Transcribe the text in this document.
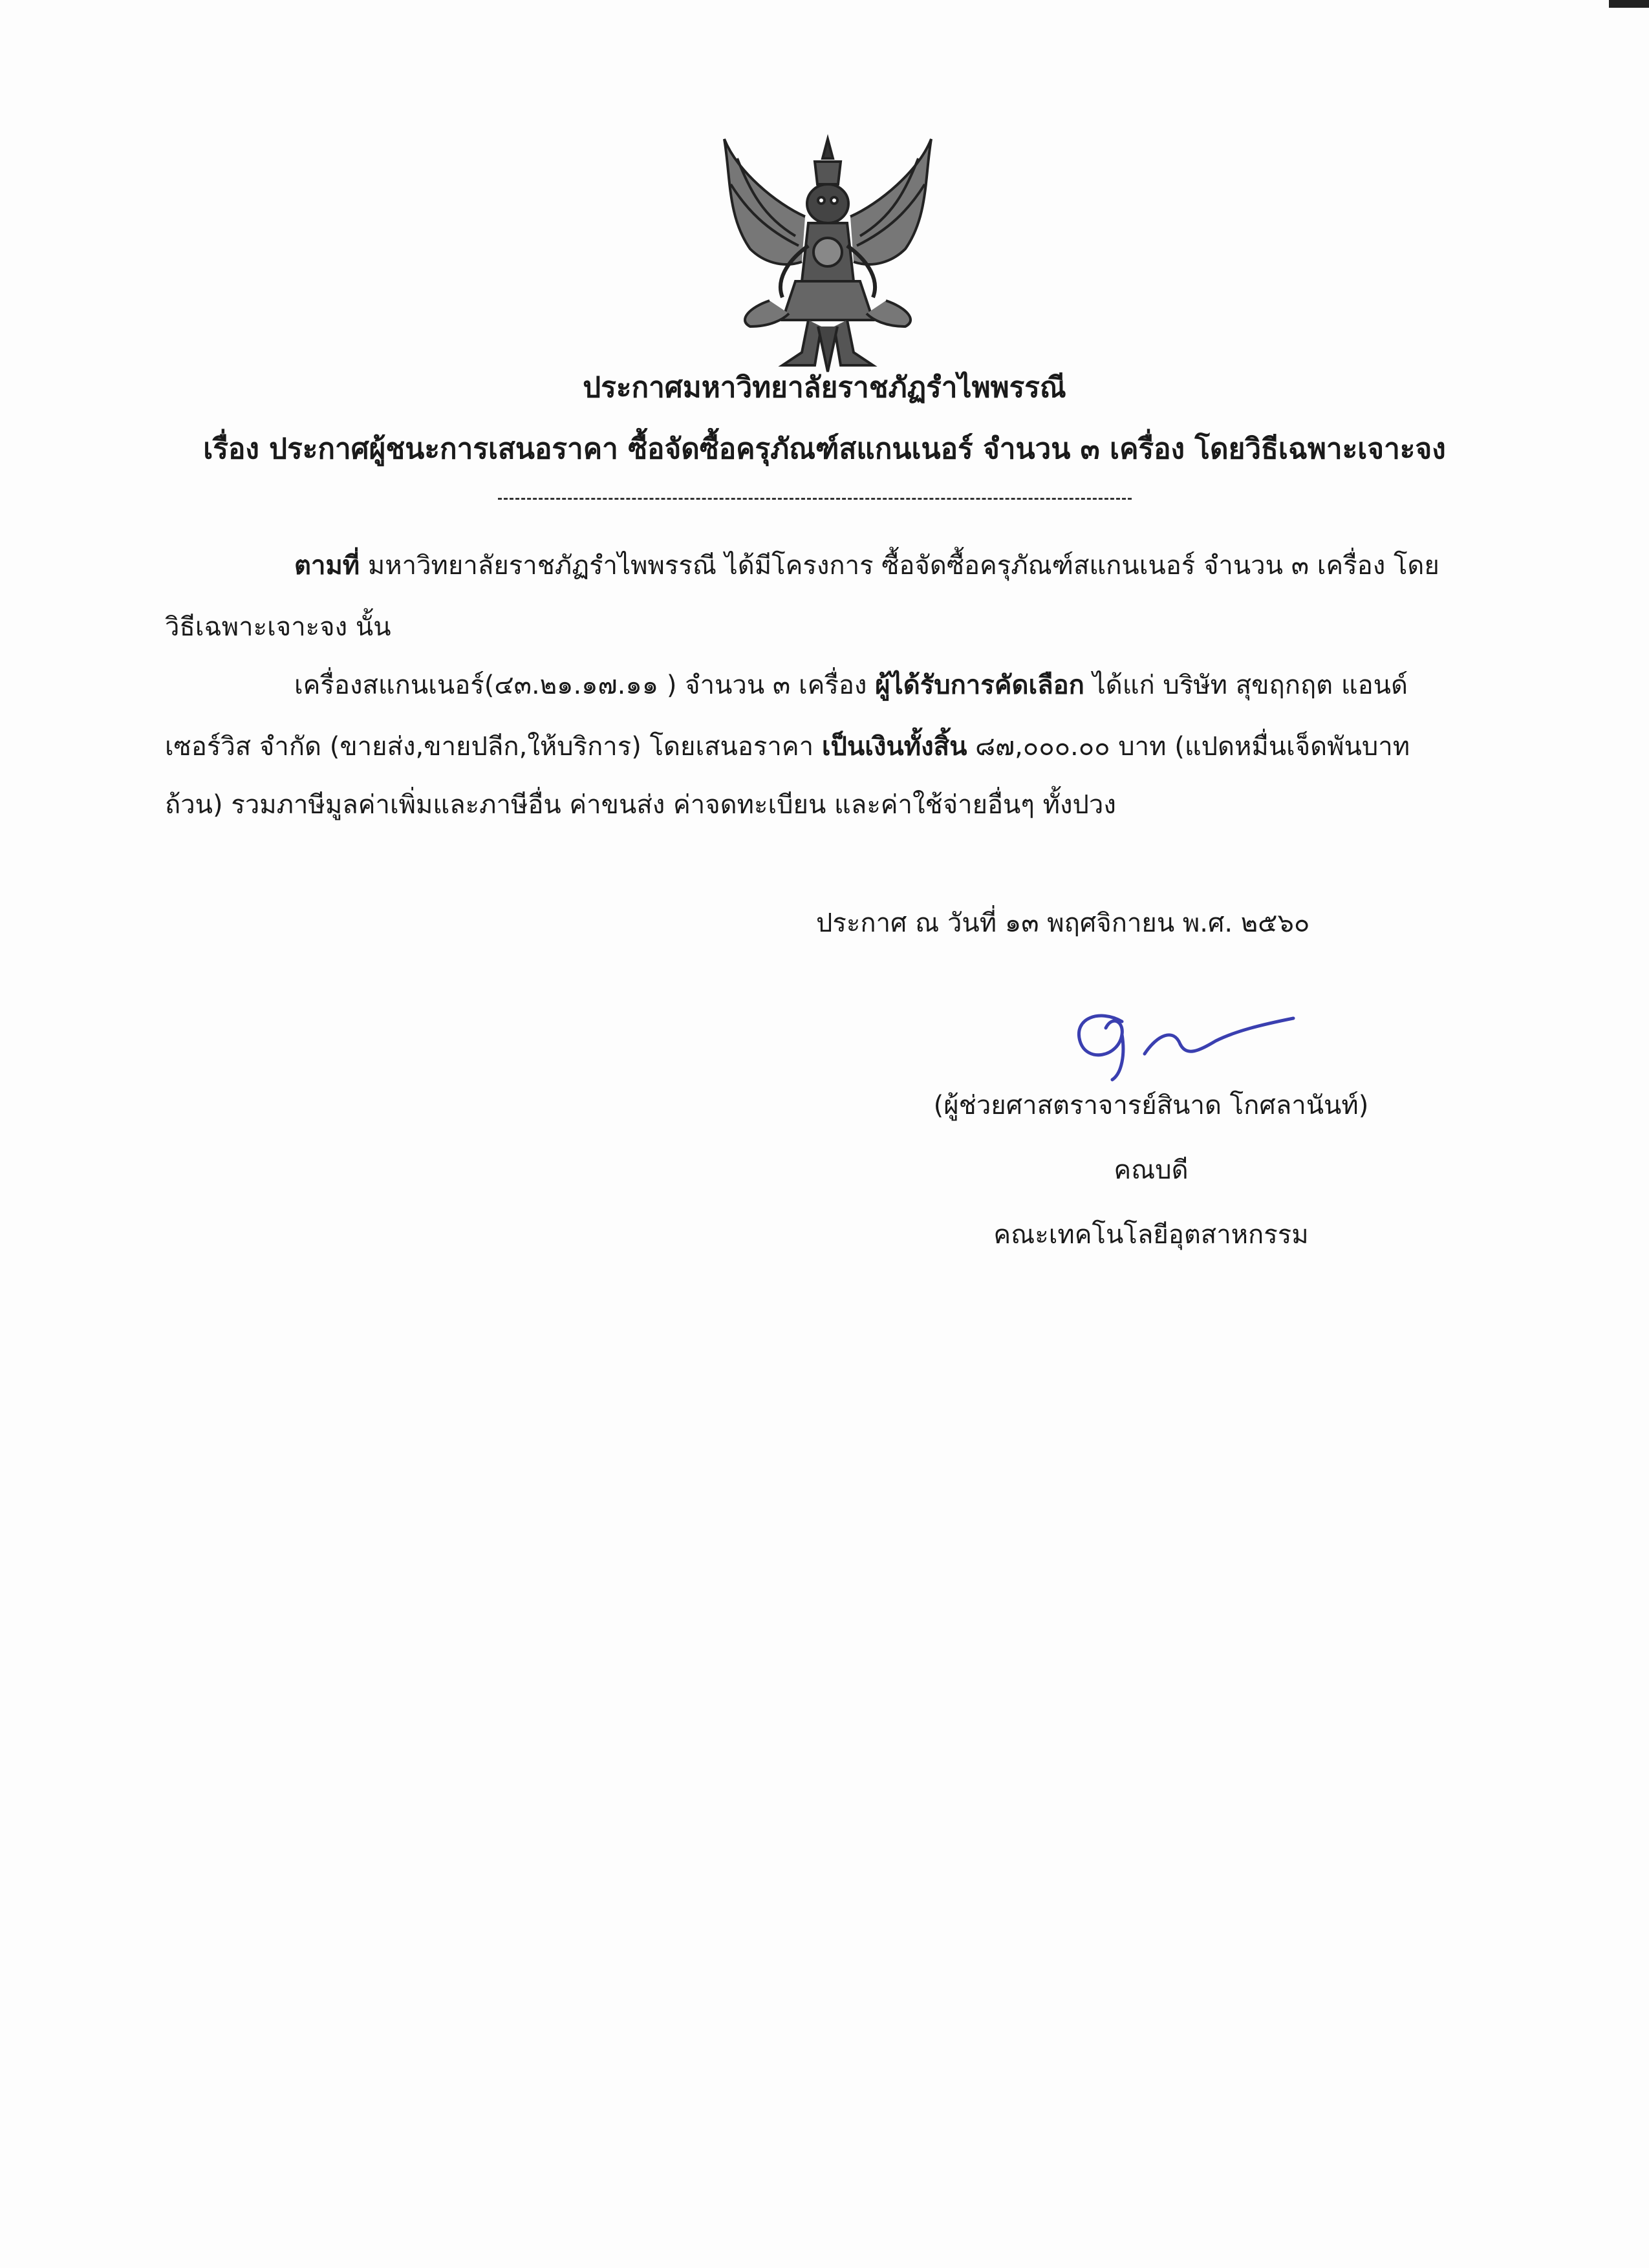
ประกาศมหาวิทยาลัยราชภัฏรำไพพรรณี
เรื่อง ประกาศผู้ชนะการเสนอราคา ซื้อจัดซื้อครุภัณฑ์สแกนเนอร์ จำนวน ๓ เครื่อง โดยวิธีเฉพาะเจาะจง
ตามที่ มหาวิทยาลัยราชภัฏรำไพพรรณี ได้มีโครงการ ซื้อจัดซื้อครุภัณฑ์สแกนเนอร์ จำนวน ๓ เครื่อง โดย
วิธีเฉพาะเจาะจง นั้น
เครื่องสแกนเนอร์(๔๓.๒๑.๑๗.๑๑ ) จำนวน ๓ เครื่อง ผู้ได้รับการคัดเลือก ได้แก่ บริษัท สุขฤกฤต แอนด์
เซอร์วิส จำกัด (ขายส่ง,ขายปลีก,ให้บริการ) โดยเสนอราคา เป็นเงินทั้งสิ้น ๘๗,๐๐๐.๐๐ บาท (แปดหมื่นเจ็ดพันบาท
ถ้วน) รวมภาษีมูลค่าเพิ่มและภาษีอื่น ค่าขนส่ง ค่าจดทะเบียน และค่าใช้จ่ายอื่นๆ ทั้งปวง
ประกาศ ณ วันที่ ๑๓ พฤศจิกายน พ.ศ. ๒๕๖๐
(ผู้ช่วยศาสตราจารย์สินาด โกศลานันท์)
คณบดี
คณะเทคโนโลยีอุตสาหกรรม
